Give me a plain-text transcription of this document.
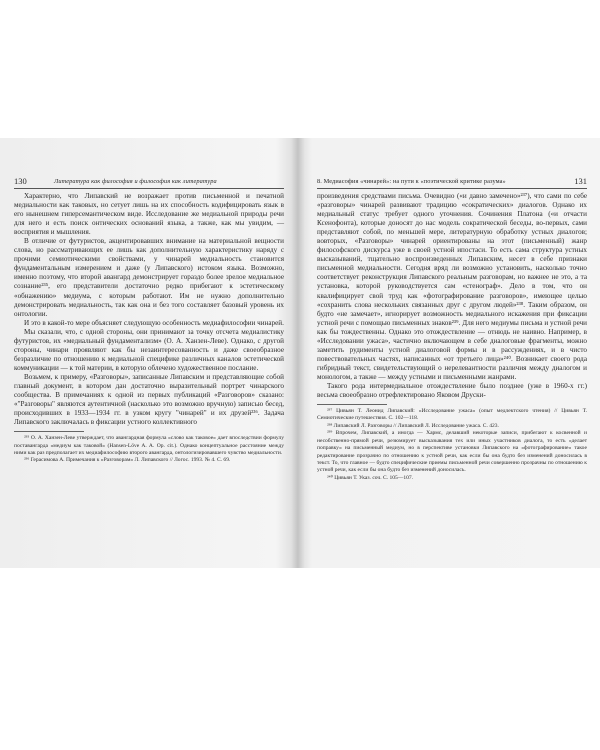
130	Литература как философия и философия как литература	8. Медиасофия «чинарей»: на пути к «поэтической критике разума»	131

Характерно, что Липавский не возражает против письменной и печатной медиальности как таковых, но сетует лишь на их способность кодифицировать язык в его нынешнем гиперсемантическом виде. Исследование же медиальной природы речи для него и есть поиск онтических оснований языка, а также, как мы увидим, — восприятия и мышления.

В отличие от футуристов, акцентировавших внимание на материальной вещности слова, но рассматривающих ее лишь как дополнительную характеристику наряду с прочими семиотическими свойствами, у чинарей медиальность становится фундаментальным измерением и даже (у Липавского) истоком языка. Возможно, именно поэтому, что второй авангард демонстрирует гораздо более зрелое медиальное сознание²³⁵, его представители достаточно редко прибегают к эстетическому «обнажению» медиума, с которым работают. Им не нужно дополнительно демонстрировать медиальность, так как она и без того составляет базовый уровень их онтологии.

И это в какой-то мере объясняет следующую особенность медиафилософии чинарей.

Мы сказали, что, с одной стороны, они принимают за точку отсчета медиалистику футуристов, их «медиальный фундаментализм» (О. А. Ханзен-Леве). Однако, с другой стороны, чинари проявляют как бы незаинтересованность и даже своеобразное безразличие по отношению к медиальной специфике различных каналов эстетической коммуникации — к той материи, в которую облечено художественное послание.

Возьмем, к примеру, «Разговоры», записанные Липавским и представляющие собой главный документ, в котором дан достаточно выразительный портрет чинарского сообщества. В примечаниях к одной из первых публикаций «Разговоров» сказано: «"Разговоры" являются аутентичной (насколько это возможно вручную) записью бесед, происходивших в 1933—1934 гг. в узком кругу "чинарей" и их друзей²³⁶. Задача Липавского заключалась в фиксации устного коллективного

²³⁵ О. А. Ханзен-Леве утверждает, что авангардная формула «слово как таковое» дает впоследствии формулу поставангарда «медиум как таковой» (Hansen-Löve A. A. Op. cit.). Однако концептуальное расстояние между ними как раз предполагает их медиафилософию второго авангарда, онтологизировавшего чувство медиальности.

²³⁶ Герасимова А. Примечания к «Разговорам» Л. Липавского // Логос. 1993. № 4. С. 69.

произведения средствами письма. Очевидно («и давно замечено»²³⁷), что сами по себе «разговоры» чинарей развивают традицию «сократических» диалогов. Однако их медиальный статус требует одного уточнения. Сочинения Платона («и отчасти Ксенофонта), которые доносят до нас модель сократической беседы, во-первых, сами представляют собой, по меньшей мере, литературную обработку устных диалогов; вовторых, «Разговоры» чинарей ориентированы на этот (письменный) жанр философского дискурса уже в своей устной ипостаси. То есть сама структура устных высказываний, тщательно воспроизведенных Липавским, несет в себе признаки письменной медиальности. Сегодня вряд ли возможно установить, насколько точно соответствует реконструкция Липавского реальным разговорам, но важнее не это, а та установка, которой руководствуется сам «стенограф». Дело в том, что он квалифицирует свой труд как «фотографирование разговоров», имеющее целью «сохранить слова нескольких связанных друг с другом людей»²³⁸. Таким образом, он будто «не замечает», игнорирует возможность медиального искажения при фиксации устной речи с помощью письменных знаков²³⁹. Для него медиумы письма и устной речи как бы тождественны. Однако это отождествление — отнюдь не наивно. Например, в «Исследовании ужаса», частично включающем в себе диалоговые фрагменты, можно заметить рудименты устной диалоговой формы и в рассуждениях, и в чисто повествовательных частях, написанных «от третьего лица»²⁴⁰. Возникает своего рода гибридный текст, свидетельствующий о нерелевантности различия между диалогом и монологом, а также — между устными и письменными жанрами.

Такого рода интермедиальное отождествление было позднее (уже в 1960-х гг.) весьма своеобразно отрефлектировано Яковом Друски-

²³⁷ Цивьян Т. Леонид Липавский: «Исследование ужаса» (опыт медлектского чтения) // Цивьян Т. Семиотические путешествия. С. 102—118.

²³⁸ Липавский Л. Разговоры // Липавский Л. Исследование ужаса. С. 423.

²³⁹ Впрочем, Липавский, а иногда — Хармс, делавший некоторые записи, прибегают к косвенной и несобственно-прямой речи, резюмирует высказывания тех или иных участников диалога, то есть «делает поправку» на письменный медиум, но в перспективе установки Липавского на «фотографирование» такое редактирование прозрачно по отношению к устной речи, как если бы она будто без изменений доносилась в текст. То, что главное — будто специфические приемы письменной речи совершенно прозрачны по отношению к устной речи, как если бы она будто без изменений доносилась.

²⁴⁰ Цивьян Т. Указ. соч. С. 105—107.
